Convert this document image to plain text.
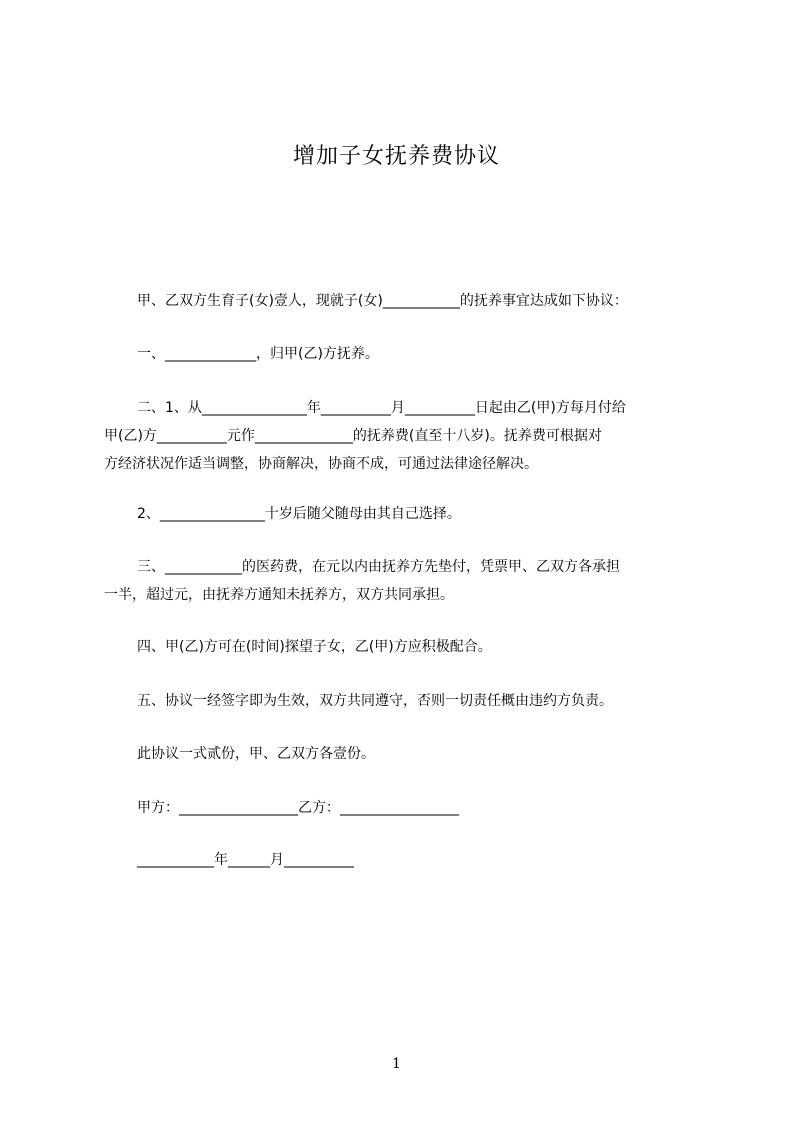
增加子女抚养费协议
甲、乙双方生育子(女)壹人，现就子(女)___________的抚养事宜达成如下协议：
一、_____________，归甲(乙)方抚养。
二、1、从_______________年__________月__________日起由乙(甲)方每月付给
甲(乙)方__________元作______________的抚养费(直至十八岁)。抚养费可根据对
方经济状况作适当调整，协商解决，协商不成，可通过法律途径解决。
2、_______________十岁后随父随母由其自己选择。
三、___________的医药费，在元以内由抚养方先垫付，凭票甲、乙双方各承担
一半，超过元，由抚养方通知未抚养方，双方共同承担。
四、甲(乙)方可在(时间)探望子女，乙(甲)方应积极配合。
五、协议一经签字即为生效，双方共同遵守，否则一切责任概由违约方负责。
此协议一式贰份，甲、乙双方各壹份。
甲方：_________________乙方：_________________
___________年______月__________
1
